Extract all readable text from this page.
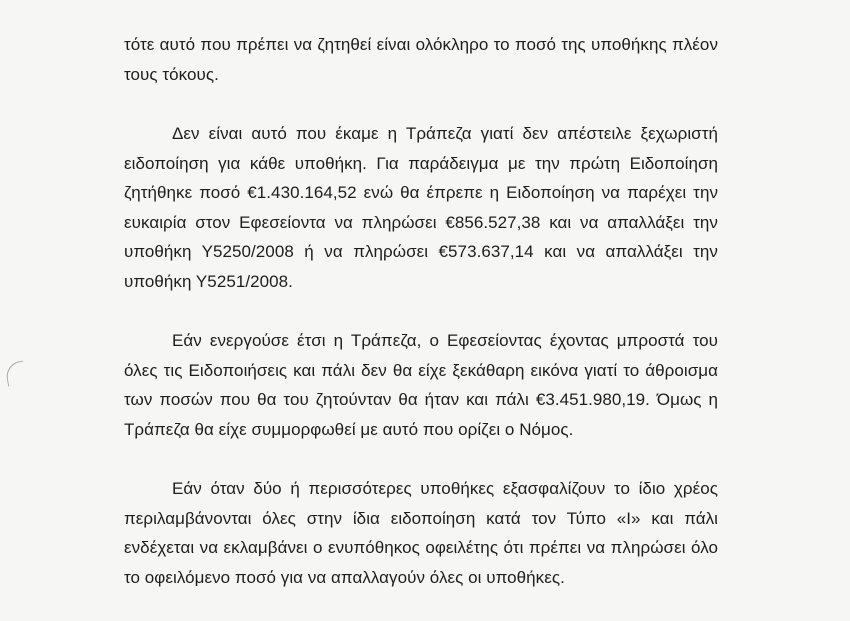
τότε αυτό που πρέπει να ζητηθεί είναι ολόκληρο το ποσό της υποθήκης πλέον τους τόκους.

Δεν είναι αυτό που έκαμε η Τράπεζα γιατί δεν απέστειλε ξεχωριστή ειδοποίηση για κάθε υποθήκη. Για παράδειγμα με την πρώτη Ειδοποίηση ζητήθηκε ποσό €1.430.164,52 ενώ θα έπρεπε η Ειδοποίηση να παρέχει την ευκαιρία στον Εφεσείοντα να πληρώσει €856.527,38 και να απαλλάξει την υποθήκη Υ5250/2008 ή να πληρώσει €573.637,14 και να απαλλάξει την υποθήκη Υ5251/2008.

Εάν ενεργούσε έτσι η Τράπεζα, ο Εφεσείοντας έχοντας μπροστά του όλες τις Ειδοποιήσεις και πάλι δεν θα είχε ξεκάθαρη εικόνα γιατί το άθροισμα των ποσών που θα του ζητούνταν θα ήταν και πάλι €3.451.980,19. Όμως η Τράπεζα θα είχε συμμορφωθεί με αυτό που ορίζει ο Νόμος.

Εάν όταν δύο ή περισσότερες υποθήκες εξασφαλίζουν το ίδιο χρέος περιλαμβάνονται όλες στην ίδια ειδοποίηση κατά τον Τύπο «Ι» και πάλι ενδέχεται να εκλαμβάνει ο ενυπόθηκος οφειλέτης ότι πρέπει να πληρώσει όλο το οφειλόμενο ποσό για να απαλλαγούν όλες οι υποθήκες.
